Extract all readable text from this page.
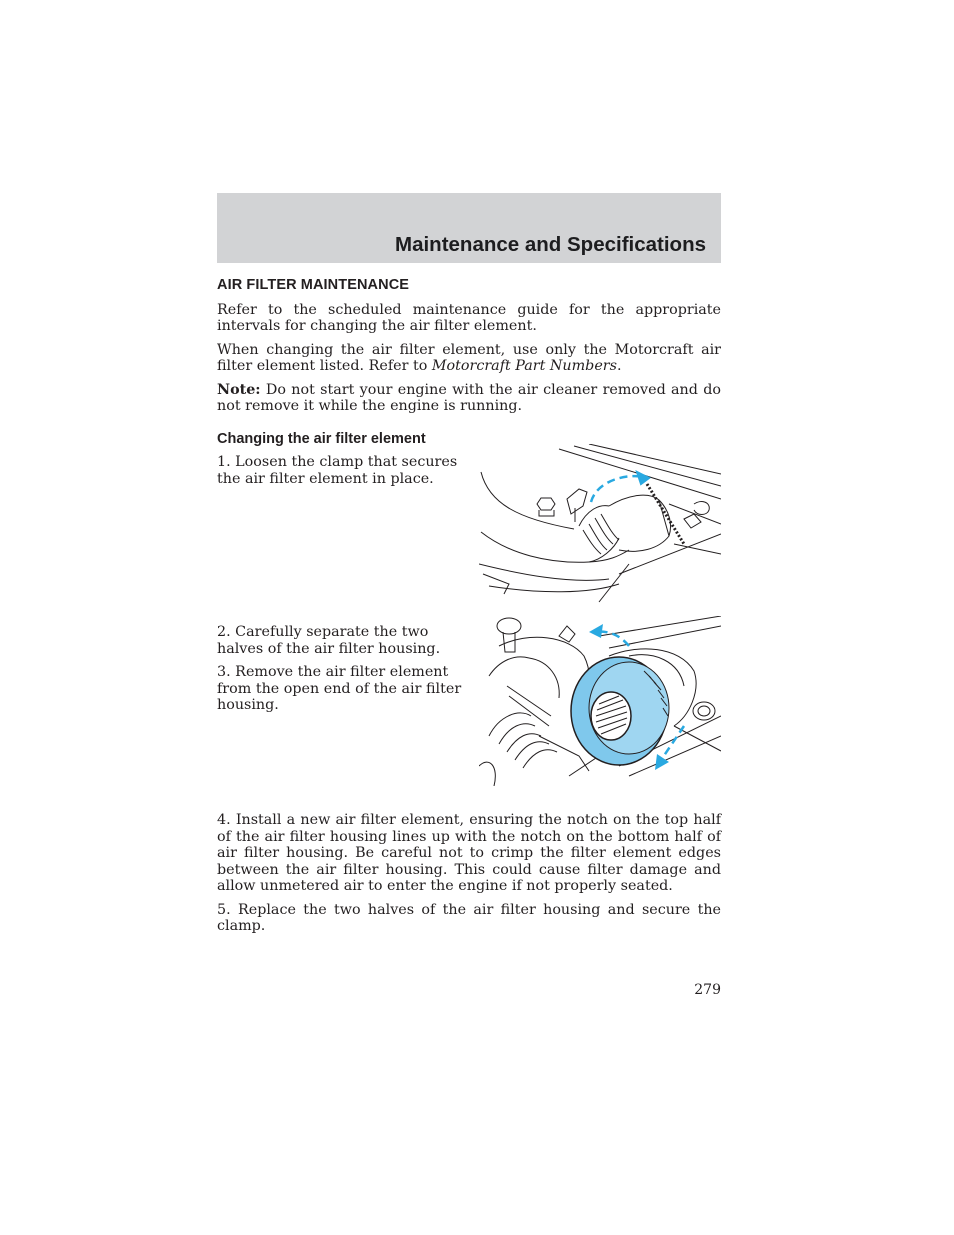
Maintenance and Specifications
AIR FILTER MAINTENANCE

Refer to the scheduled maintenance guide for the appropriate intervals for changing the air filter element.

When changing the air filter element, use only the Motorcraft air filter element listed. Refer to Motorcraft Part Numbers.

Note: Do not start your engine with the air cleaner removed and do not remove it while the engine is running.

Changing the air filter element

1. Loosen the clamp that secures the air filter element in place.

2. Carefully separate the two halves of the air filter housing.

3. Remove the air filter element from the open end of the air filter housing.

4. Install a new air filter element, ensuring the notch on the top half of the air filter housing lines up with the notch on the bottom half of air filter housing. Be careful not to crimp the filter element edges between the air filter housing. This could cause filter damage and allow unmetered air to enter the engine if not properly seated.

5. Replace the two halves of the air filter housing and secure the clamp.

279
